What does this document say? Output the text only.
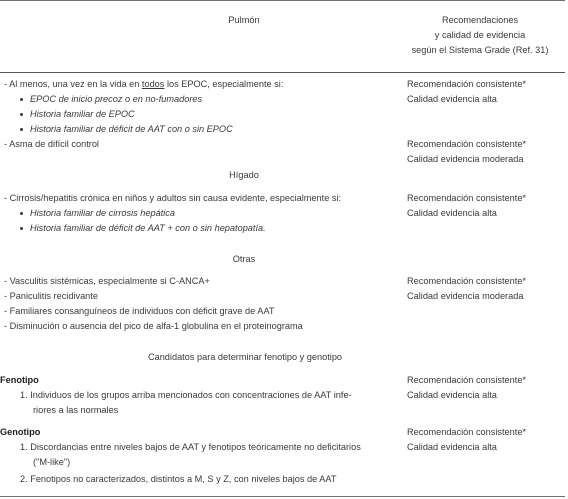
Pulmón	Recomendaciones
y calidad de evidencia
según el Sistema Grade (Ref. 31)
- Al menos, una vez en la vida en todos los EPOC, especialmente si:
EPOC de inicio precoz o en no-fumadores
Historia familiar de EPOC
Historia familiar de déficit de AAT con o sin EPOC
- Asma de difícil control
Recomendación consistente*
Calidad evidencia alta
Recomendación consistente*
Calidad evidencia moderada
Hígado
- Cirrosis/hepatitis crónica en niños y adultos sin causa evidente, especialmente si:
Historia familiar de cirrosis hepática
Historia familiar de déficit de AAT + con o sin hepatopatía.
Recomendación consistente*
Calidad evidencia alta
Otras
- Vasculitis sistémicas, especialmente si C-ANCA+
- Paniculitis recidivante
- Familiares consanguíneos de individuos con déficit grave de AAT
- Disminución o ausencia del pico de alfa-1 globulina en el proteinograma
Recomendación consistente*
Calidad evidencia moderada
Candidatos para determinar fenotipo y genotipo
Fenotipo
1. Individuos de los grupos arriba mencionados con concentraciones de AAT infe-
riores a las normales
Recomendación consistente*
Calidad evidencia alta
Genotipo
1. Discordancias entre niveles bajos de AAT y fenotipos teóricamente no deficitarios
("M-like")
2. Fenotipos no caracterizados, distintos a M, S y Z, con niveles bajos de AAT
Recomendación consistente*
Calidad evidencia alta
